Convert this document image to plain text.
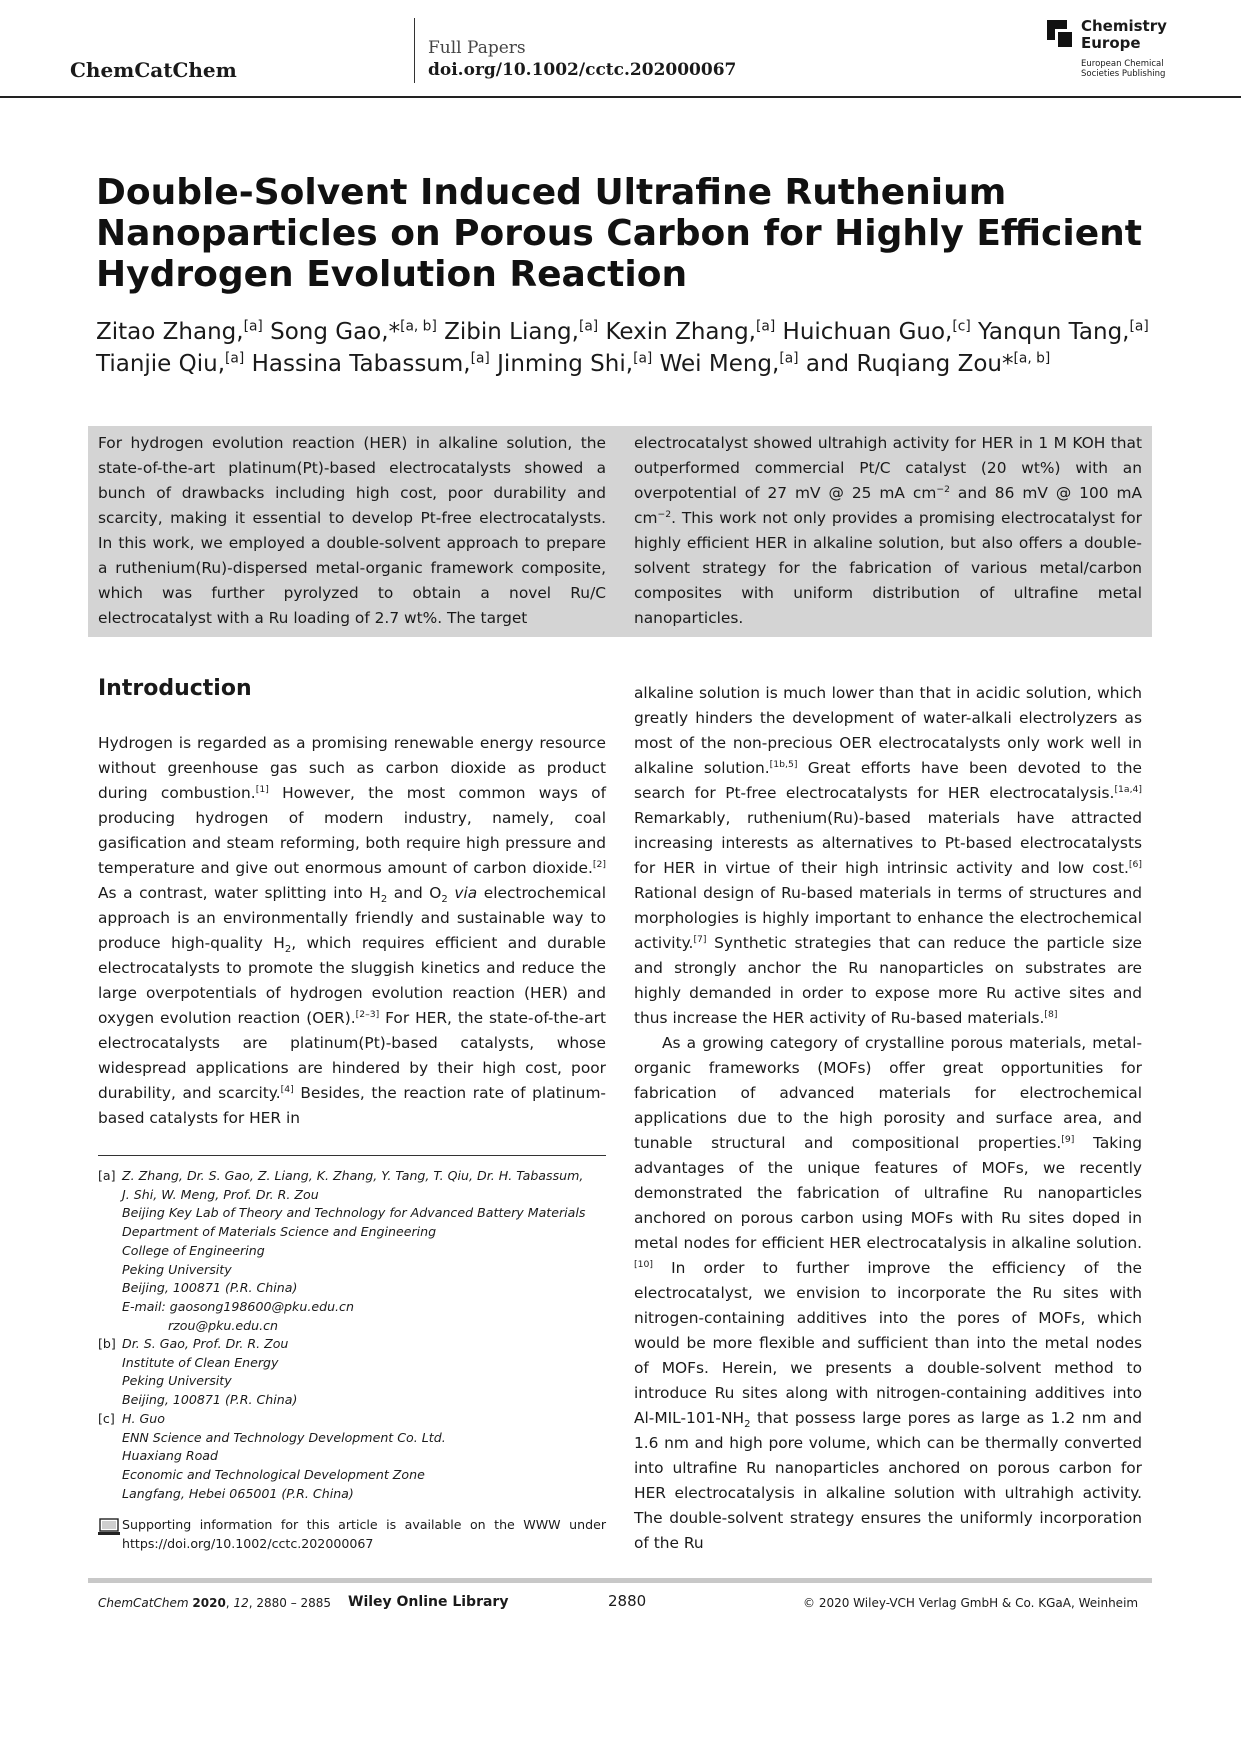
ChemCatChem
Full Papers
doi.org/10.1002/cctc.202000067
Chemistry
Europe
European Chemical
Societies Publishing
Double-Solvent Induced Ultrafine Ruthenium Nanoparticles on Porous Carbon for Highly Efficient Hydrogen Evolution Reaction
Zitao Zhang,[a] Song Gao,*[a, b] Zibin Liang,[a] Kexin Zhang,[a] Huichuan Guo,[c] Yanqun Tang,[a]
Tianjie Qiu,[a] Hassina Tabassum,[a] Jinming Shi,[a] Wei Meng,[a] and Ruqiang Zou*[a, b]
For hydrogen evolution reaction (HER) in alkaline solution, the state-of-the-art platinum(Pt)-based electrocatalysts showed a bunch of drawbacks including high cost, poor durability and scarcity, making it essential to develop Pt-free electrocatalysts. In this work, we employed a double-solvent approach to prepare a ruthenium(Ru)-dispersed metal-organic framework composite, which was further pyrolyzed to obtain a novel Ru/C electrocatalyst with a Ru loading of 2.7 wt%. The target
electrocatalyst showed ultrahigh activity for HER in 1 M KOH that outperformed commercial Pt/C catalyst (20 wt%) with an overpotential of 27 mV @ 25 mA $cm^{-2}$ and 86 mV @ 100 mA $cm^{-2}$. This work not only provides a promising electrocatalyst for highly efficient HER in alkaline solution, but also offers a double-solvent strategy for the fabrication of various metal/carbon composites with uniform distribution of ultrafine metal nanoparticles.
Introduction
Hydrogen is regarded as a promising renewable energy resource without greenhouse gas such as carbon dioxide as product during combustion.[1] However, the most common ways of producing hydrogen of modern industry, namely, coal gasification and steam reforming, both require high pressure and temperature and give out enormous amount of carbon dioxide.[2] As a contrast, water splitting into $H_2$ and $O_2$ via electrochemical approach is an environmentally friendly and sustainable way to produce high-quality $H_2$, which requires efficient and durable electrocatalysts to promote the sluggish kinetics and reduce the large overpotentials of hydrogen evolution reaction (HER) and oxygen evolution reaction (OER).[2–3] For HER, the state-of-the-art electrocatalysts are platinum(Pt)-based catalysts, whose widespread applications are hindered by their high cost, poor durability, and scarcity.[4] Besides, the reaction rate of platinum-based catalysts for HER in

alkaline solution is much lower than that in acidic solution, which greatly hinders the development of water-alkali electrolyzers as most of the non-precious OER electrocatalysts only work well in alkaline solution.[1b,5] Great efforts have been devoted to the search for Pt-free electrocatalysts for HER electrocatalysis.[1a,4] Remarkably, ruthenium(Ru)-based materials have attracted increasing interests as alternatives to Pt-based electrocatalysts for HER in virtue of their high intrinsic activity and low cost.[6] Rational design of Ru-based materials in terms of structures and morphologies is highly important to enhance the electrochemical activity.[7] Synthetic strategies that can reduce the particle size and strongly anchor the Ru nanoparticles on substrates are highly demanded in order to expose more Ru active sites and thus increase the HER activity of Ru-based materials.[8]

As a growing category of crystalline porous materials, metal-organic frameworks (MOFs) offer great opportunities for fabrication of advanced materials for electrochemical applications due to the high porosity and surface area, and tunable structural and compositional properties.[9] Taking advantages of the unique features of MOFs, we recently demonstrated the fabrication of ultrafine Ru nanoparticles anchored on porous carbon using MOFs with Ru sites doped in metal nodes for efficient HER electrocatalysis in alkaline solution.[10] In order to further improve the efficiency of the electrocatalyst, we envision to incorporate the Ru sites with nitrogen-containing additives into the pores of MOFs, which would be more flexible and sufficient than into the metal nodes of MOFs. Herein, we presents a double-solvent method to introduce Ru sites along with nitrogen-containing additives into $Al-MIL-101-NH_2$ that possess large pores as large as 1.2 nm and 1.6 nm and high pore volume, which can be thermally converted into ultrafine Ru nanoparticles anchored on porous carbon for HER electrocatalysis in alkaline solution with ultrahigh activity. The double-solvent strategy ensures the uniformly incorporation of the Ru

[a] Z. Zhang, Dr. S. Gao, Z. Liang, K. Zhang, Y. Tang, T. Qiu, Dr. H. Tabassum,
J. Shi, W. Meng, Prof. Dr. R. Zou
Beijing Key Lab of Theory and Technology for Advanced Battery Materials
Department of Materials Science and Engineering
College of Engineering
Peking University
Beijing, 100871 (P.R. China)
E-mail: gaosong198600@pku.edu.cn
rzou@pku.edu.cn
[b] Dr. S. Gao, Prof. Dr. R. Zou
Institute of Clean Energy
Peking University
Beijing, 100871 (P.R. China)
[c] H. Guo
ENN Science and Technology Development Co. Ltd.
Huaxiang Road
Economic and Technological Development Zone
Langfang, Hebei 065001 (P.R. China)
Supporting information for this article is available on the WWW under https://doi.org/10.1002/cctc.202000067
ChemCatChem 2020, 12, 2880 – 2885 Wiley Online Library	2880	© 2020 Wiley-VCH Verlag GmbH & Co. KGaA, Weinheim
